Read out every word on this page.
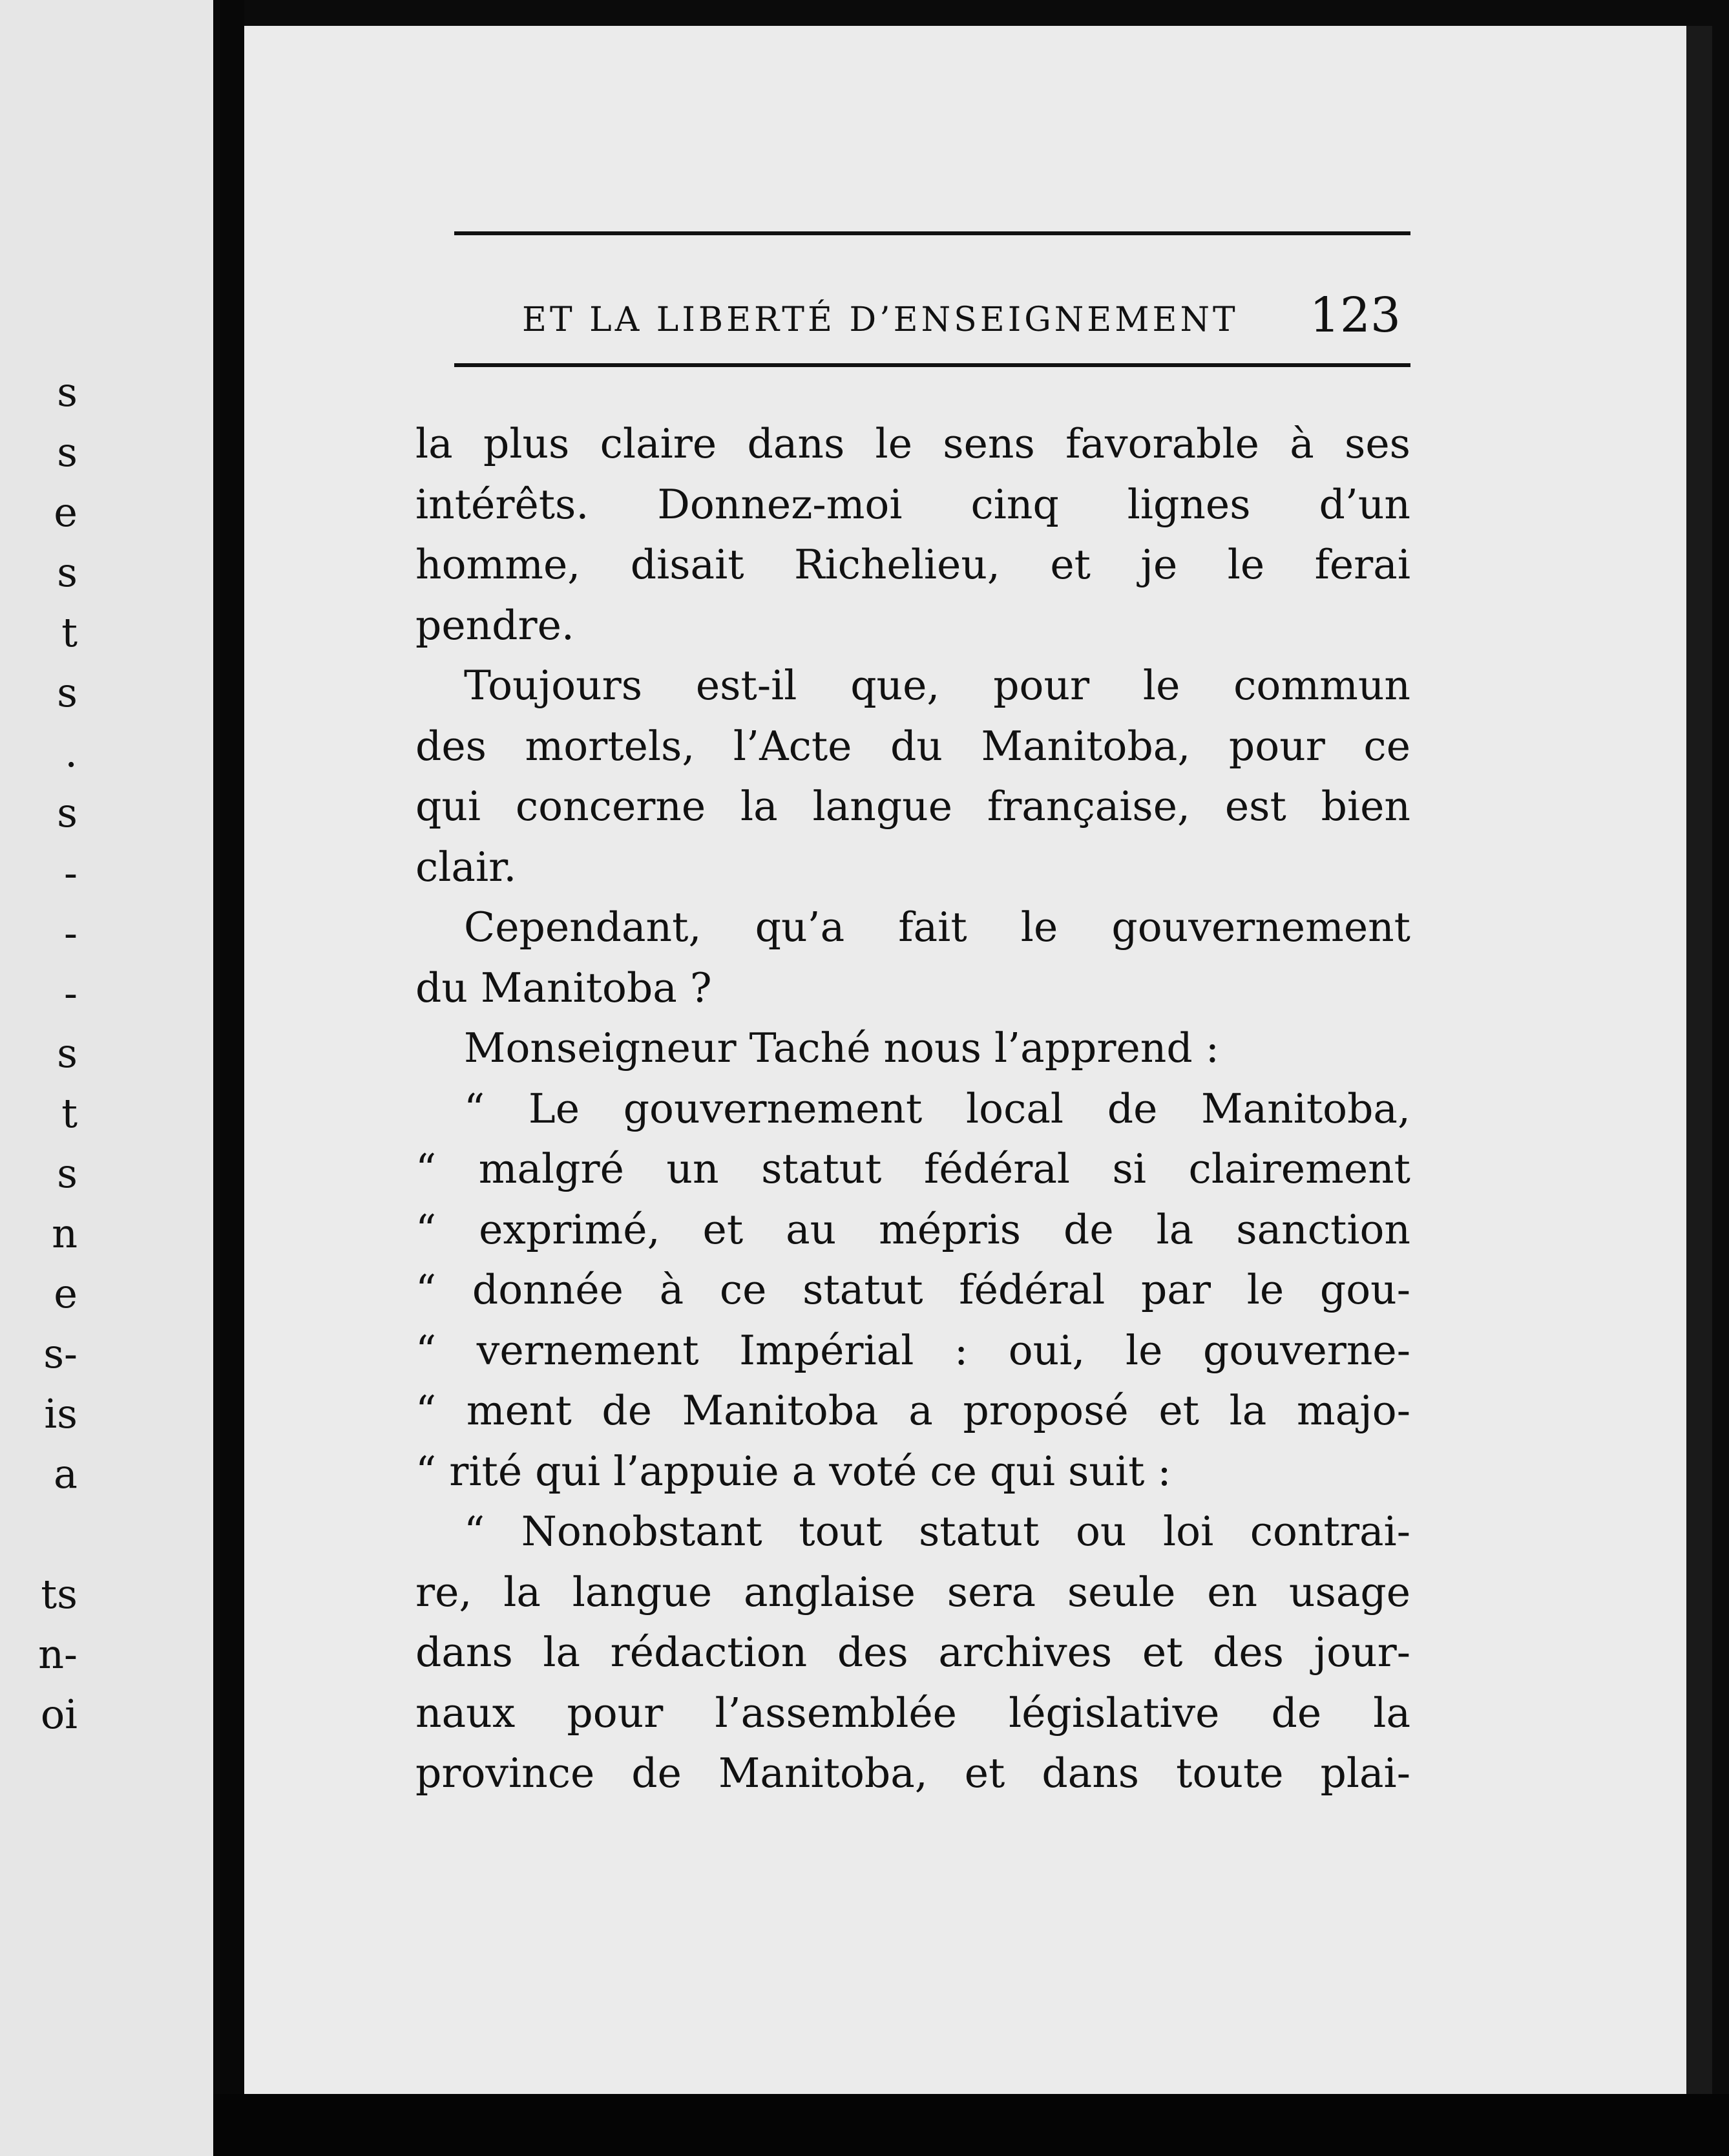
s
s
e
s
t
s
.
s
-
-
-
s
t
s
n
e
s-
is
a
ts
n-
oi
ET LA LIBERTÉ D’ENSEIGNEMENT 123
la plus claire dans le sens favorable à ses
intérêts. Donnez-moi cinq lignes d’un
homme, disait Richelieu, et je le ferai
pendre.
Toujours est-il que, pour le commun
des mortels, l’Acte du Manitoba, pour ce
qui concerne la langue française, est bien
clair.
Cependant, qu’a fait le gouvernement
du Manitoba ?
Monseigneur Taché nous l’apprend :
“ Le gouvernement local de Manitoba,
“ malgré un statut fédéral si clairement
“ exprimé, et au mépris de la sanction
“ donnée à ce statut fédéral par le gou-
“ vernement Impérial : oui, le gouverne-
“ ment de Manitoba a proposé et la majo-
“ rité qui l’appuie a voté ce qui suit :
“ Nonobstant tout statut ou loi contrai-
re, la langue anglaise sera seule en usage
dans la rédaction des archives et des jour-
naux pour l’assemblée législative de la
province de Manitoba, et dans toute plai-
